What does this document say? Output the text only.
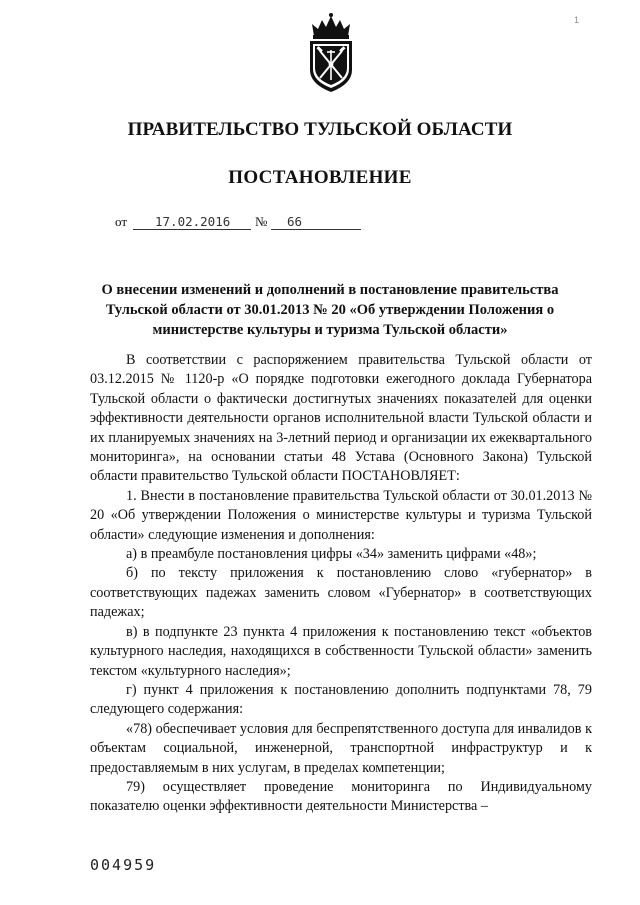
1
ПРАВИТЕЛЬСТВО ТУЛЬСКОЙ ОБЛАСТИ
ПОСТАНОВЛЕНИЕ
от 17.02.2016 № 66
О внесении изменений и дополнений в постановление правительства Тульской области от 30.01.2013 № 20 «Об утверждении Положения о министерстве культуры и туризма Тульской области»

В соответствии с распоряжением правительства Тульской области от 03.12.2015 № 1120-р «О порядке подготовки ежегодного доклада Губернатора Тульской области о фактически достигнутых значениях показателей для оценки эффективности деятельности органов исполнительной власти Тульской области и их планируемых значениях на 3-летний период и организации их ежеквартального мониторинга», на основании статьи 48 Устава (Основного Закона) Тульской области правительство Тульской области ПОСТАНОВЛЯЕТ:

1. Внести в постановление правительства Тульской области от 30.01.2013 № 20 «Об утверждении Положения о министерстве культуры и туризма Тульской области» следующие изменения и дополнения:

а) в преамбуле постановления цифры «34» заменить цифрами «48»;

б) по тексту приложения к постановлению слово «губернатор» в соответствующих падежах заменить словом «Губернатор» в соответствующих падежах;

в) в подпункте 23 пункта 4 приложения к постановлению текст «объектов культурного наследия, находящихся в собственности Тульской области» заменить текстом «культурного наследия»;

г) пункт 4 приложения к постановлению дополнить подпунктами 78, 79 следующего содержания:

«78) обеспечивает условия для беспрепятственного доступа для инвалидов к объектам социальной, инженерной, транспортной инфраструктур и к предоставляемым в них услугам, в пределах компетенции;

79) осуществляет проведение мониторинга по Индивидуальному показателю оценки эффективности деятельности Министерства –

004959
